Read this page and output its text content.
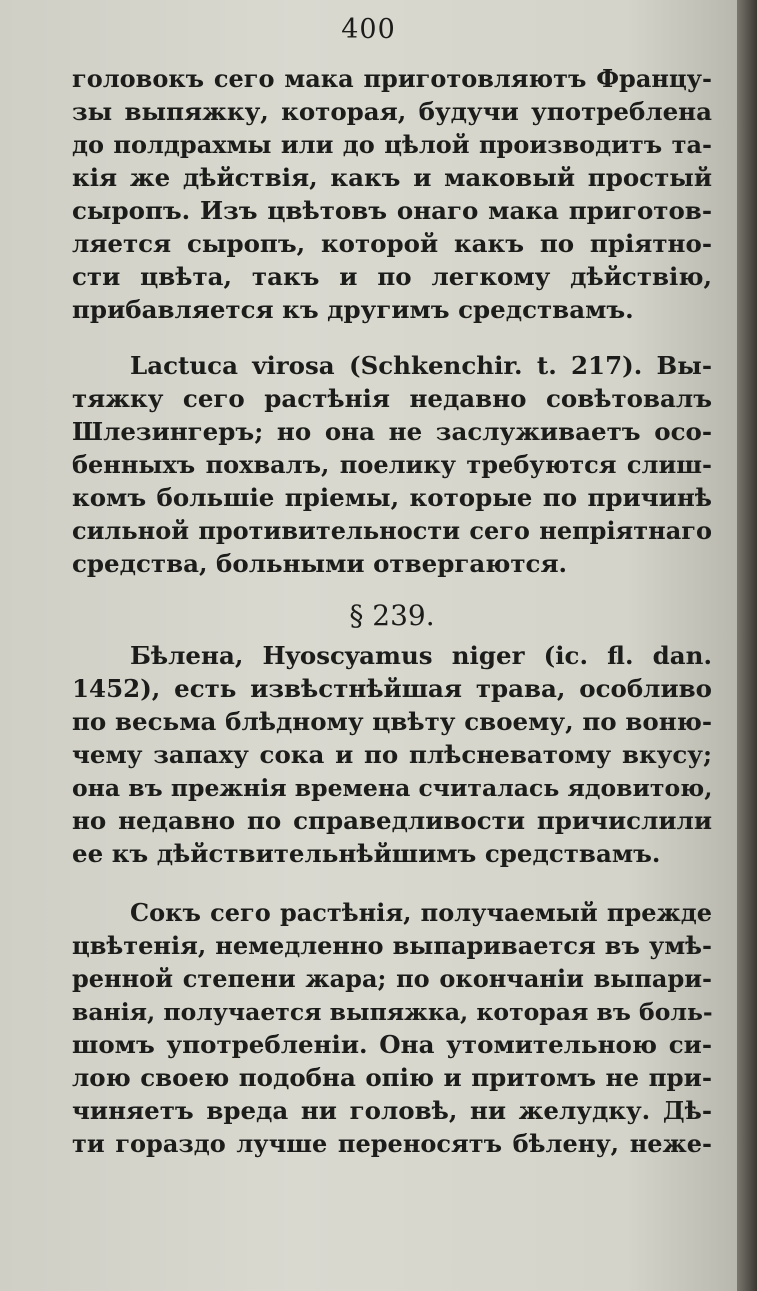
400
головокъ сего мака приготовляютъ Францу-
зы выпяжку, которая, будучи употреблена
до полдрахмы или до цѣлой производитъ та-
кія же дѣйствія, какъ и маковый простый
сыропъ. Изъ цвѣтовъ онаго мака приготов-
ляется сыропъ, которой какъ по пріятно-
сти цвѣта, такъ и по легкому дѣйствію,
прибавляется къ другимъ средствамъ.
Lactuca virosa (Schkenchir. t. 217). Вы-
тяжку сего растѣнія недавно совѣтовалъ
Шлезингеръ; но она не заслуживаетъ осо-
бенныхъ похвалъ, поелику требуются слиш-
комъ большіе пріемы, которые по причинѣ
сильной противительности сего непріятнаго
средства, больными отвергаются.
§ 239.
Бѣлена, Hyoscyamus niger (ic. fl. dan.
1452), есть извѣстнѣйшая трава, особливо
по весьма блѣдному цвѣту своему, по воню-
чему запаху сока и по плѣсневатому вкусу;
она въ прежнія времена считалась ядовитою,
но недавно по справедливости причислили
ее къ дѣйствительнѣйшимъ средствамъ.
Сокъ сего растѣнія, получаемый прежде
цвѣтенія, немедленно выпаривается въ умѣ-
ренной степени жара; по окончаніи выпари-
ванія, получается выпяжка, которая въ боль-
шомъ употребленіи. Она утомительною си-
лою своею подобна опію и притомъ не при-
чиняетъ вреда ни головѣ, ни желудку. Дѣ-
ти гораздо лучше переносятъ бѣлену, неже-
